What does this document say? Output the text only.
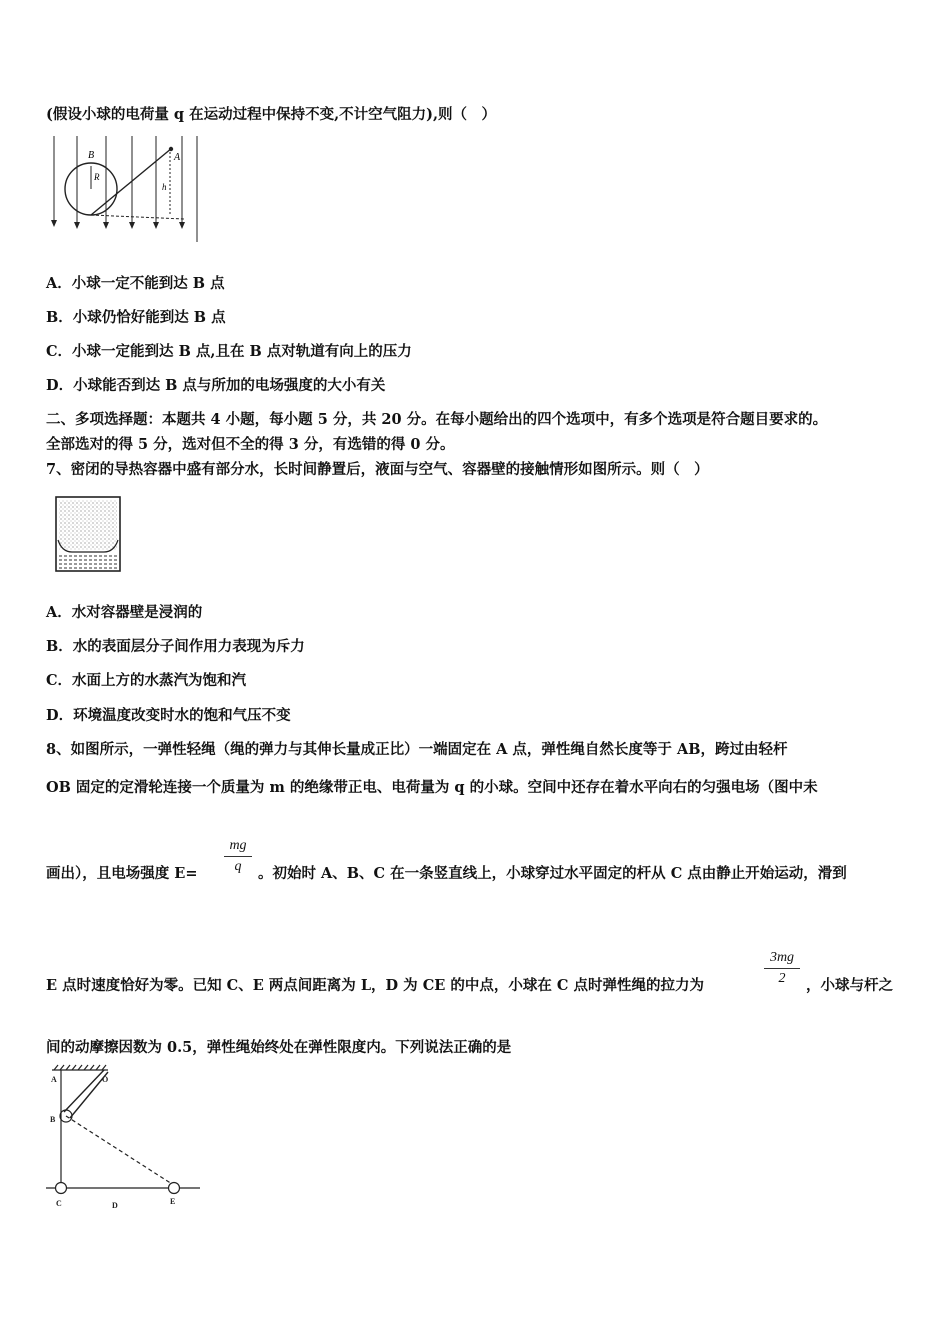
(假设小球的电荷量 q 在运动过程中保持不变,不计空气阻力),则（　）
B
R
A
h
A．小球一定不能到达 B 点
B．小球仍恰好能到达 B 点
C．小球一定能到达 B 点,且在 B 点对轨道有向上的压力
D．小球能否到达 B 点与所加的电场强度的大小有关
二、多项选择题：本题共 4 小题，每小题 5 分，共 20 分。在每小题给出的四个选项中，有多个选项是符合题目要求的。
全部选对的得 5 分，选对但不全的得 3 分，有选错的得 0 分。
7、密闭的导热容器中盛有部分水，长时间静置后，液面与空气、容器壁的接触情形如图所示。则（　）
A．水对容器壁是浸润的
B．水的表面层分子间作用力表现为斥力
C．水面上方的水蒸汽为饱和汽
D．环境温度改变时水的饱和气压不变
8、如图所示，一弹性轻绳（绳的弹力与其伸长量成正比）一端固定在 A 点，弹性绳自然长度等于 AB，跨过由轻杆
OB 固定的定滑轮连接一个质量为 m 的绝缘带正电、电荷量为 q 的小球。空间中还存在着水平向右的匀强电场（图中未
画出），且电场强度 E=
mg
q	。初始时 A、B、C 在一条竖直线上，小球穿过水平固定的杆从 C 点由静止开始运动，滑到
E 点时速度恰好为零。已知 C、E 两点间距离为 L，D 为 CE 的中点，小球在 C 点时弹性绳的拉力为
3mg
2	，小球与杆之
间的动摩擦因数为 0.5，弹性绳始终处在弹性限度内。下列说法正确的是
A	O
B
C	D	E
